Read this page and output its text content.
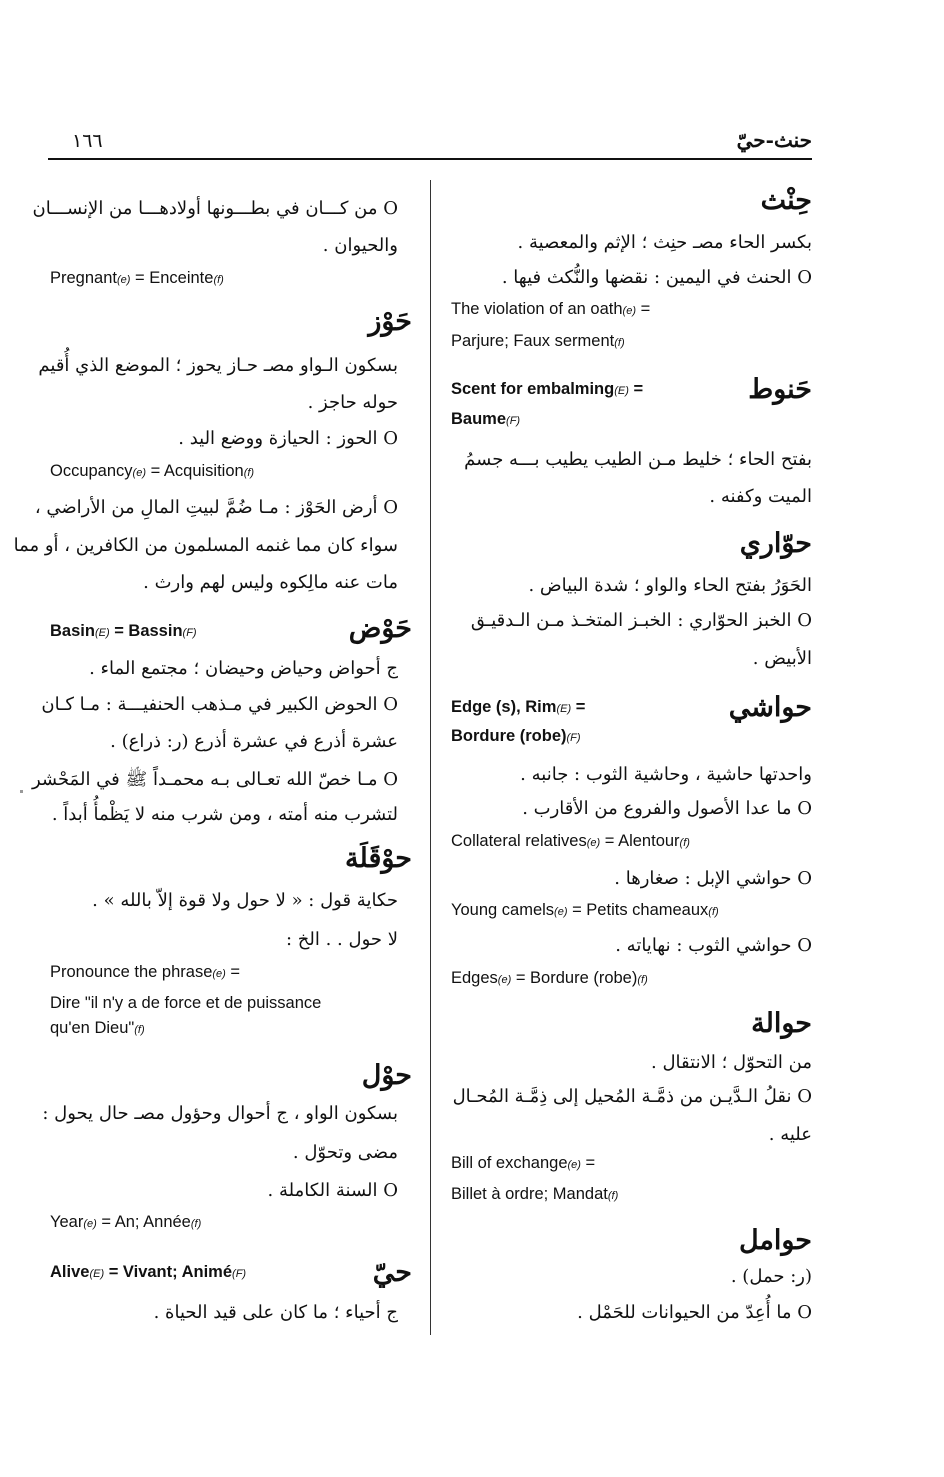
١٦٦	حنث-حيّ
حِنْث
بكسر الحاء مصـ حنِث ؛ الإثم والمعصية .
O الحنث في اليمين : نقضها والنُّكث فيها .
The violation of an oath(e) =
Parjure; Faux serment(f)
حَنوط
Scent for embalming(E) =
Baume(F)
بفتح الحاء ؛ خليط مـن الطيب يطيب بـــه جسمُ
الميت وكفنه .
حوّاري
الحَوَرُ بفتح الحاء والواو ؛ شدة البياض .
O الخبز الحوّاري : الخبـز المتخـذ مـن الـدقيـق
الأبيض .
حواشي
Edge (s), Rim(E) =
Bordure (robe)(F)
واحدتها حاشية ، وحاشية الثوب : جانبه .
O ما عدا الأصول والفروع من الأقارب .
Collateral relatives(e) = Alentour(f)
O حواشي الإبل : صغارها .
Young camels(e) = Petits chameaux(f)
O حواشي الثوب : نهاياته .
Edges(e) = Bordure (robe)(f)
حوالة
من التحوّل ؛ الانتقال .
O نقلُ الـدَّيـن من ذمَّـة المُحيل إلى ذِمَّـة المُحـال
عليه .
Bill of exchange(e) =
Billet à ordre; Mandat(f)
حوامل
(ر: حمل) .
O ما أُعِدّ من الحيوانات للحَمْل .
O من كـــان في بطـــونها أولادهـــا من الإنســـان
والحيوان .
Pregnant(e) = Enceinte(f)
حَوْز
بسكون الـواو مصـ حـاز يحوز ؛ الموضع الذي أُقيم
حوله حاجز .
O الحوز : الحيازة ووضع اليد .
Occupancy(e) = Acquisition(f)
O أرض الحَوْز : مـا ضُمَّ لبيتِ المالِ من الأراضي ،
سواء كان مما غنمه المسلمون من الكافرين ، أو مما
مات عنه مالِكوه وليس لهم وارث .
حَوْض
Basin(E) = Bassin(F)
ج أحواض وحياض وحيضان ؛ مجتمع الماء .
O الحوض الكبير في مـذهب الحنفيـــة : مـا كـان
عشرة أذرع في عشرة أذرع (ر: ذراع) .
O مـا خصّ الله تعـالى بـه محمـداً ﷺ في المَحْشر
لتشرب منه أمته ، ومن شرب منه لا يَظْمأُ أبداً .
حوْقَلَة
حكاية قول : « لا حول ولا قوة إلاّ بالله » .
لا حول . . الخ :
Pronounce the phrase(e) =
Dire "il n'y a de force et de puissance
qu'en Dieu"(f)
حوْل
بسكون الواو ، ج أحوال وحؤول مصـ حال يحول :
مضى وتحوّل .
O السنة الكاملة .
Year(e) = An; Année(f)
حيّ
Alive(E) = Vivant; Animé(F)
ج أحياء ؛ ما كان على قيد الحياة .
